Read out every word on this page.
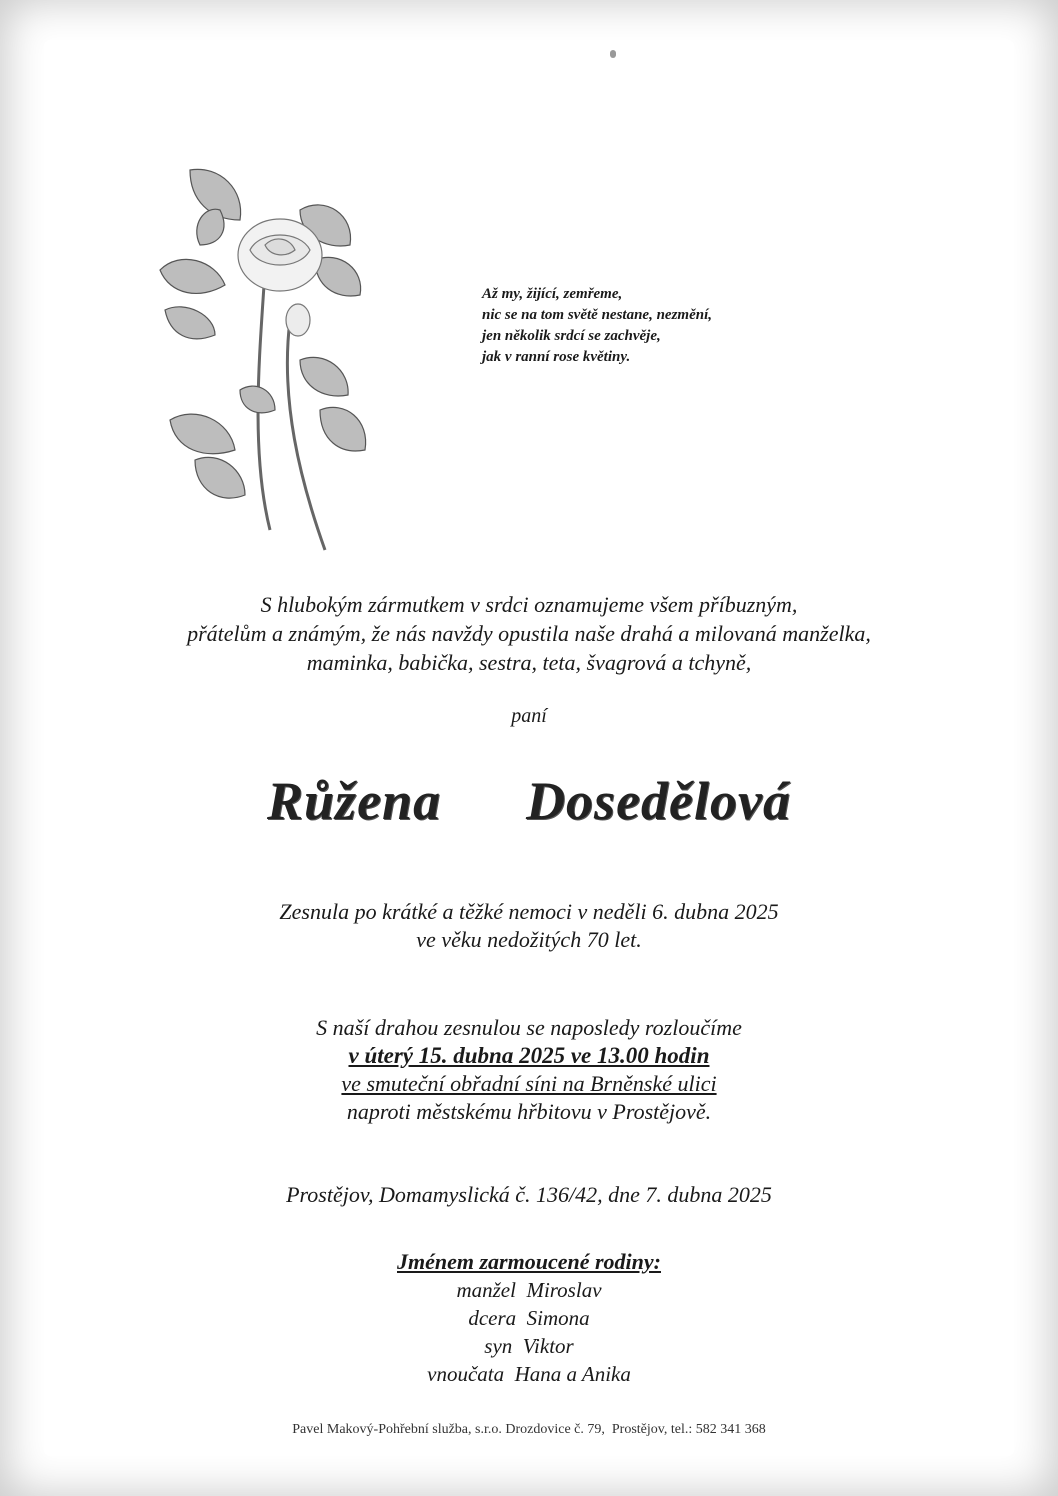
Až my, žijící, zemřeme,
nic se na tom světě nestane, nezmění,
jen několik srdcí se zachvěje,
jak v ranní rose květiny.
S hlubokým zármutkem v srdci oznamujeme všem příbuzným,
přátelům a známým, že nás navždy opustila naše drahá a milovaná manželka,
maminka, babička, sestra, teta, švagrová a tchyně,
paní
Růžena  Dosedělová
Zesnula po krátké a těžké nemoci v neděli 6. dubna 2025
ve věku nedožitých 70 let.
S naší drahou zesnulou se naposledy rozloučíme
v úterý 15. dubna 2025 ve 13.00 hodin
ve smuteční obřadní síni na Brněnské ulici
naproti městskému hřbitovu v Prostějově.
Prostějov, Domamyslická č. 136/42, dne 7. dubna 2025
Jménem zarmoucené rodiny:
manžel  Miroslav
dcera  Simona
syn  Viktor
vnoučata  Hana a Anika
Pavel Makový-Pohřební služba, s.r.o. Drozdovice č. 79,  Prostějov, tel.: 582 341 368
